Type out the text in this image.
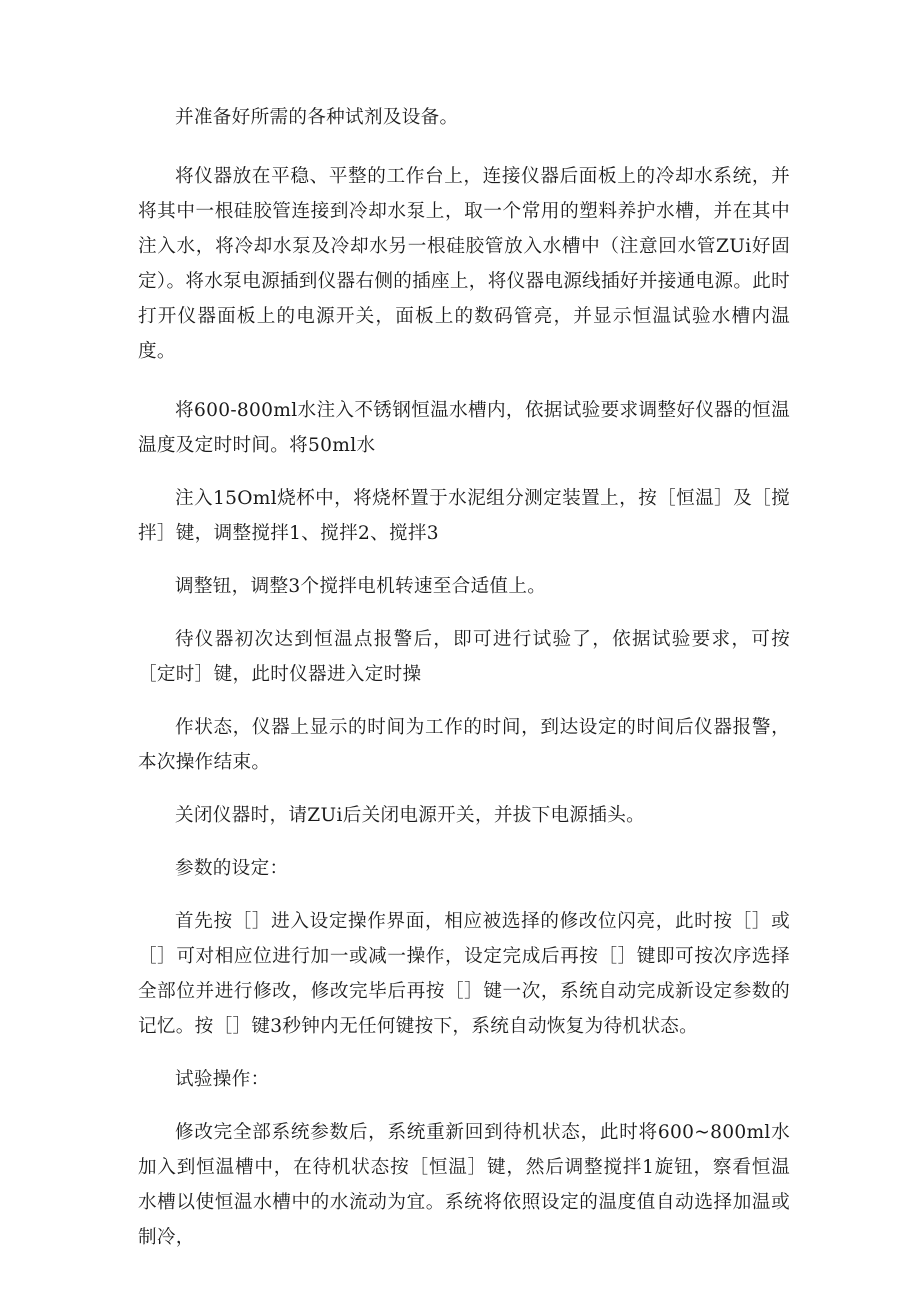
并准备好所需的各种试剂及设备。

将仪器放在平稳、平整的工作台上，连接仪器后面板上的冷却水系统，并将其中一根硅胶管连接到冷却水泵上，取一个常用的塑料养护水槽，并在其中注入水，将冷却水泵及冷却水另一根硅胶管放入水槽中（注意回水管ZUi好固定）。将水泵电源插到仪器右侧的插座上，将仪器电源线插好并接通电源。此时打开仪器面板上的电源开关，面板上的数码管亮，并显示恒温试验水槽内温度。

将600-800ml水注入不锈钢恒温水槽内，依据试验要求调整好仪器的恒温温度及定时时间。将50ml水

注入15Oml烧杯中，将烧杯置于水泥组分测定装置上，按［恒温］及［搅拌］键，调整搅拌1、搅拌2、搅拌3

调整钮，调整3个搅拌电机转速至合适值上。

待仪器初次达到恒温点报警后，即可进行试验了，依据试验要求，可按［定时］键，此时仪器进入定时操

作状态，仪器上显示的时间为工作的时间，到达设定的时间后仪器报警，本次操作结束。

关闭仪器时，请ZUi后关闭电源开关，并拔下电源插头。

参数的设定：

首先按［］进入设定操作界面，相应被选择的修改位闪亮，此时按［］或［］可对相应位进行加一或减一操作，设定完成后再按［］键即可按次序选择全部位并进行修改，修改完毕后再按［］键一次，系统自动完成新设定参数的记忆。按［］键3秒钟内无任何键按下，系统自动恢复为待机状态。

试验操作：

修改完全部系统参数后，系统重新回到待机状态，此时将600~800ml水加入到恒温槽中，在待机状态按［恒温］键，然后调整搅拌1旋钮，察看恒温水槽以使恒温水槽中的水流动为宜。系统将依照设定的温度值自动选择加温或制冷，
